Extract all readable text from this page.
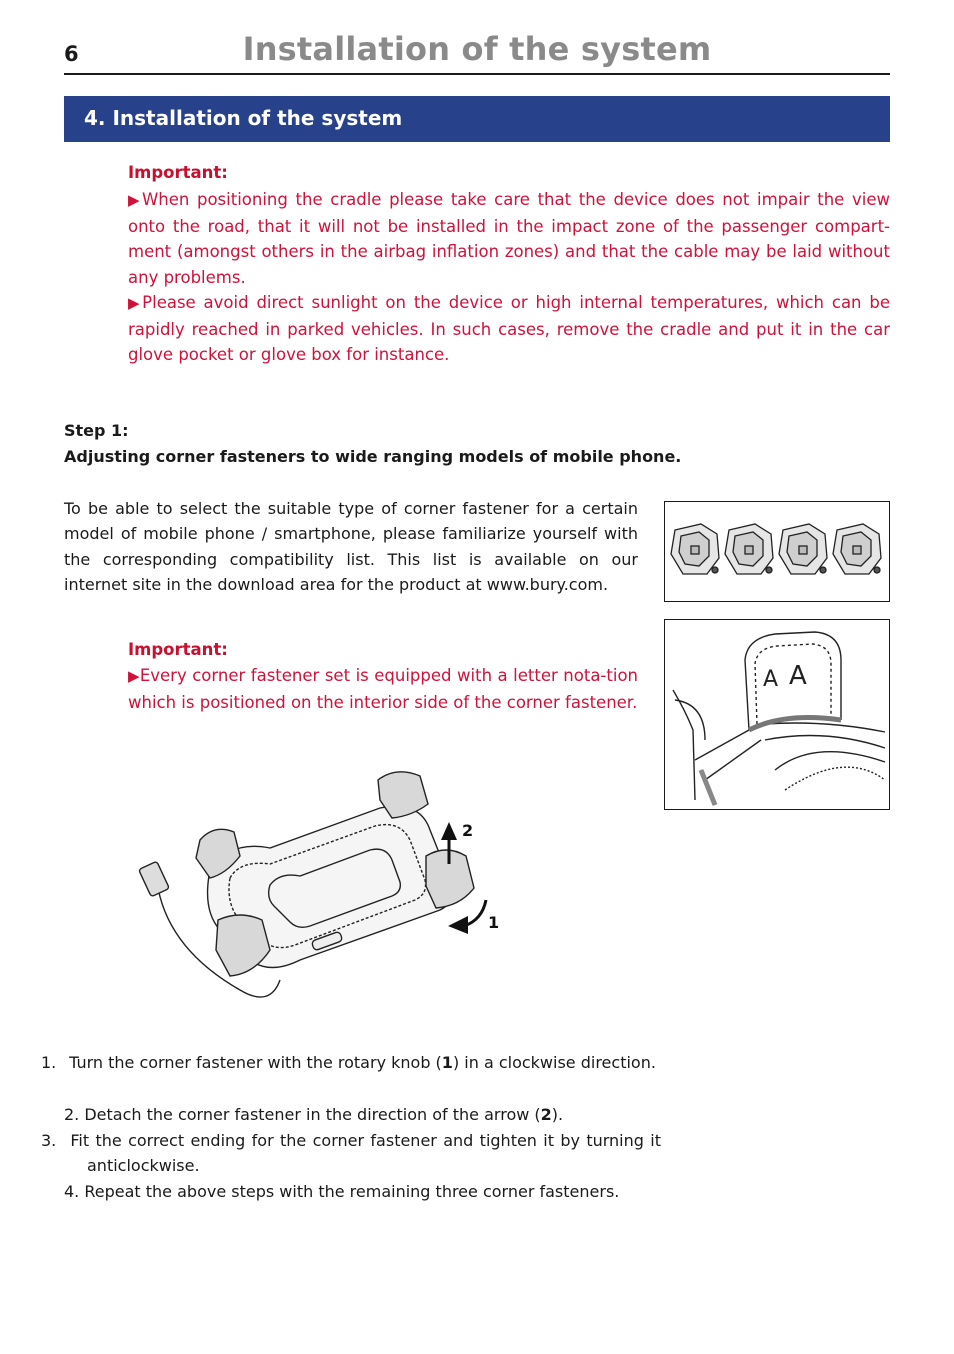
6	Installation of the system
4. Installation of the system
Important:
▶When positioning the cradle please take care that the device does not impair the view onto the road, that it will not be installed in the impact zone of the passenger compart-ment (amongst others in the airbag inflation zones) and that the cable may be laid without any problems.
▶Please avoid direct sunlight on the device or high internal temperatures, which can be rapidly reached in parked vehicles. In such cases, remove the cradle and put it in the car glove pocket or glove box for instance.
Step 1:
Adjusting corner fasteners to wide ranging models of mobile phone.
To be able to select the suitable type of corner fastener for a certain model of mobile phone / smartphone, please familiarize yourself with the corresponding compatibility list. This list is available on our internet site in the download area for the product at www.bury.com.
Important:
▶Every corner fastener set is equipped with a letter nota-tion which is positioned on the interior side of the corner fastener.
A A
2
1
1. Turn the corner fastener with the rotary knob (1) in a clockwise direction.
2. Detach the corner fastener in the direction of the arrow (2).
3. Fit the correct ending for the corner fastener and tighten it by turning it anticlockwise.
4. Repeat the above steps with the remaining three corner fasteners.
